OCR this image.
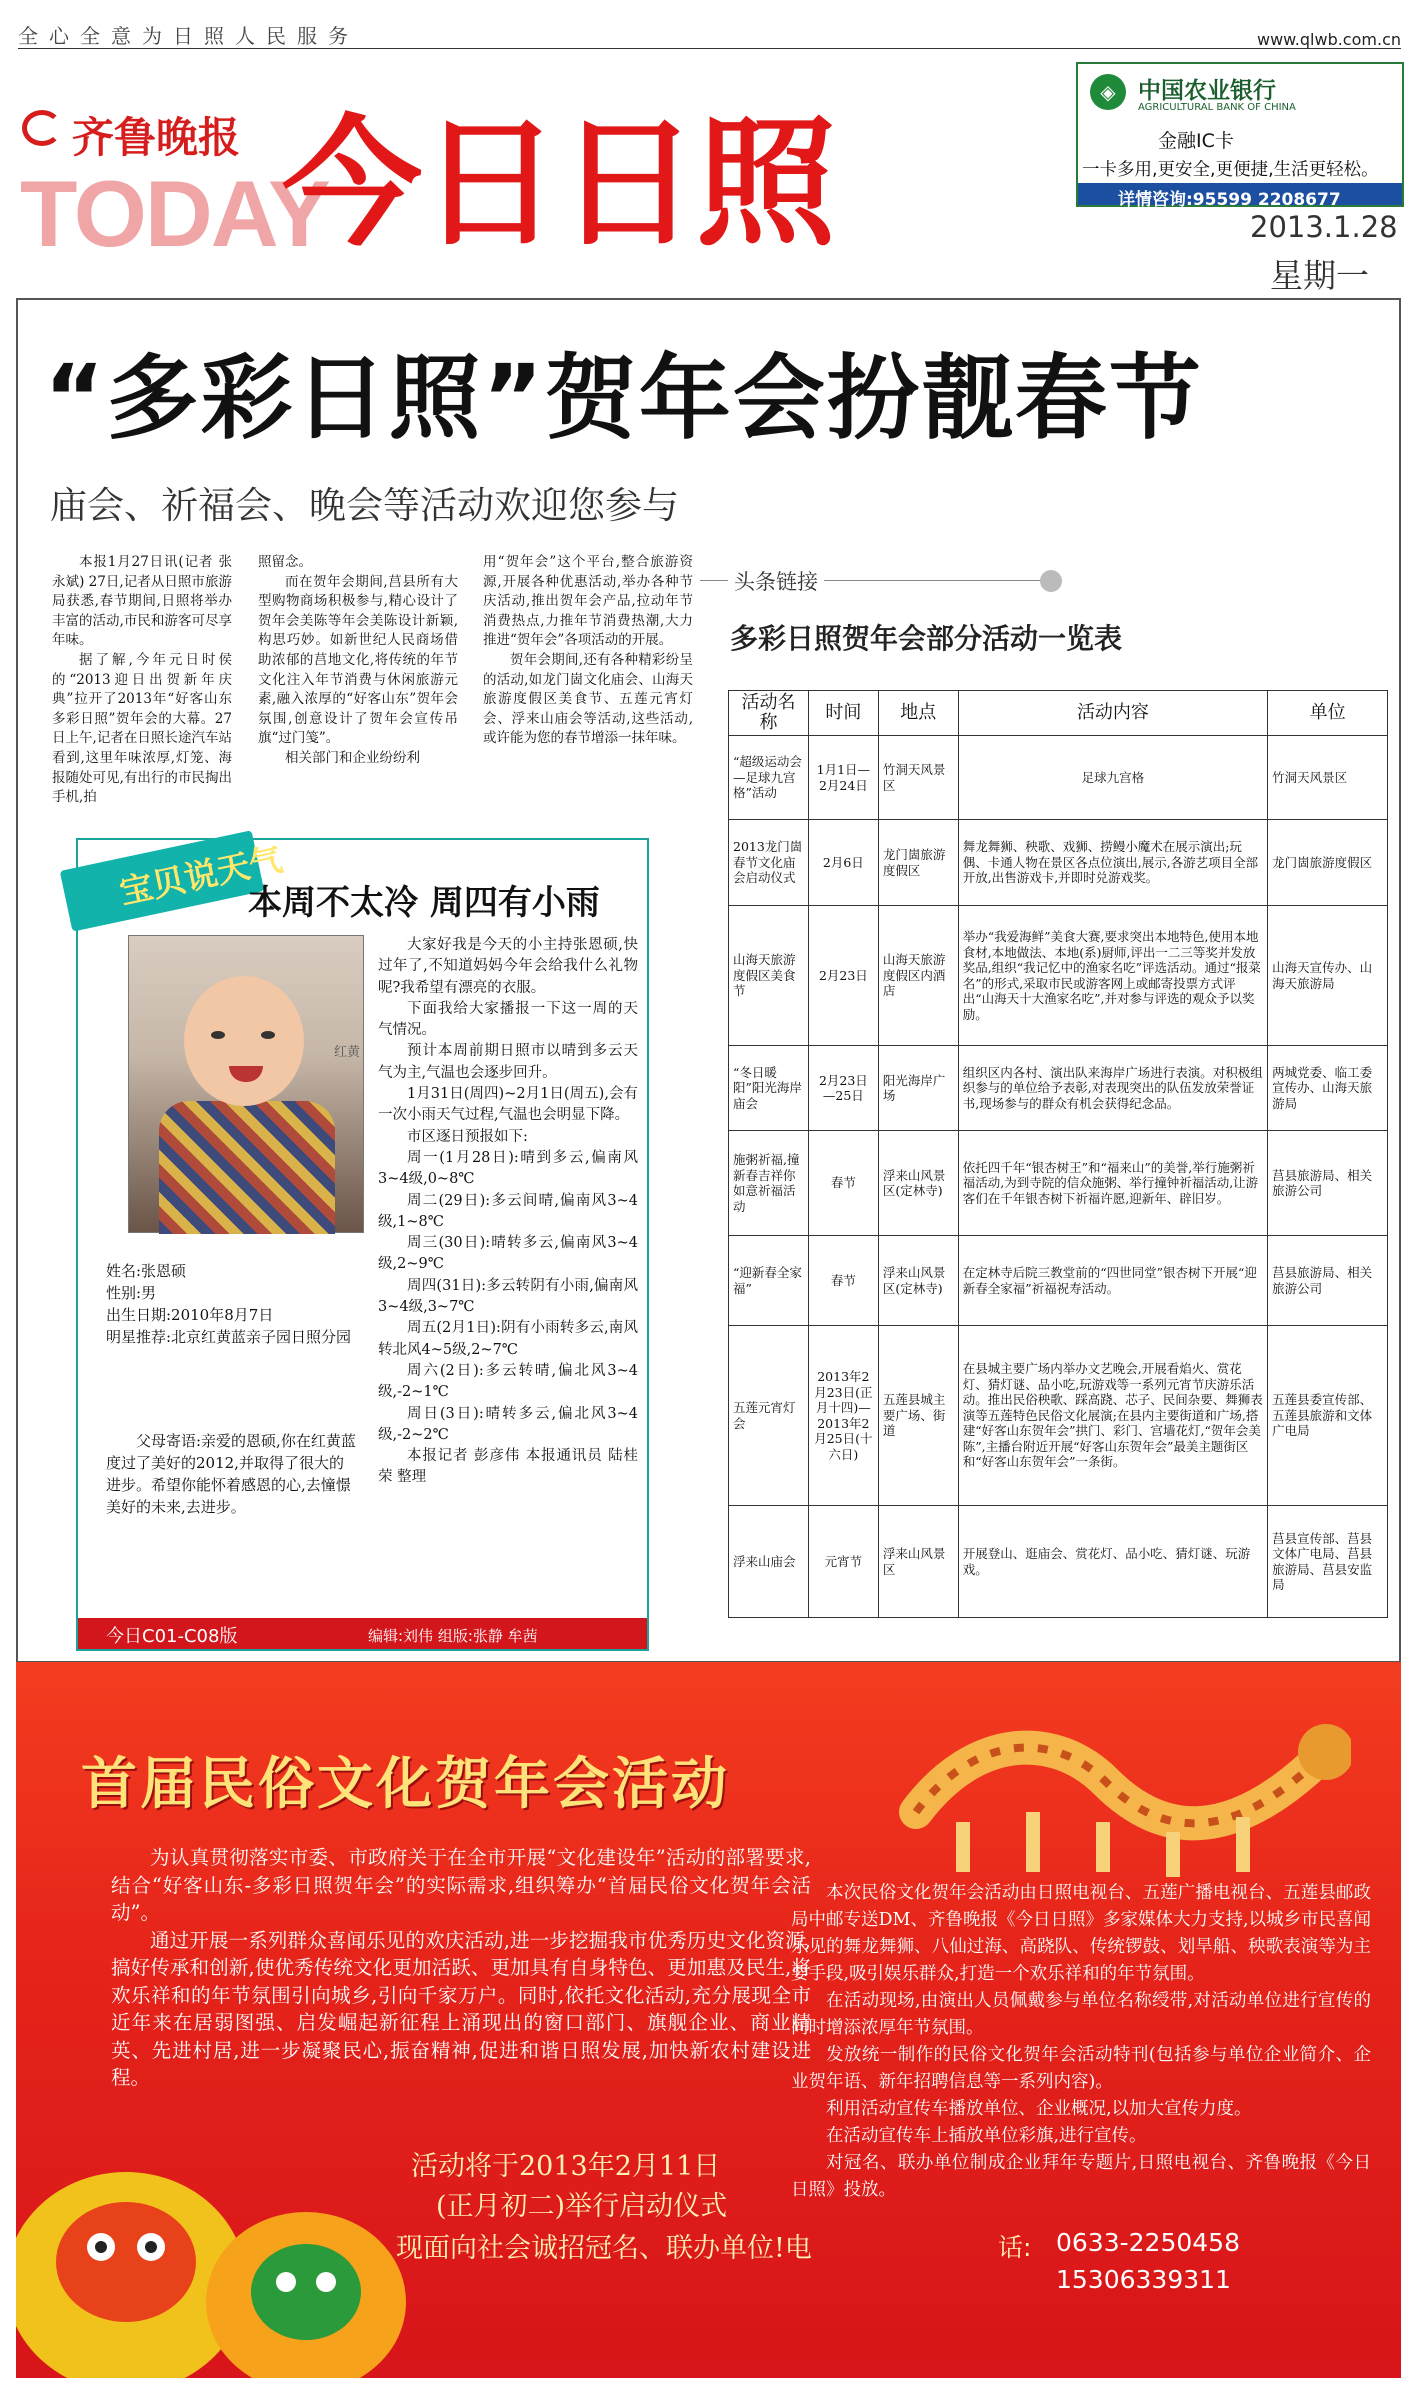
全心全意为日照人民服务	www.qlwb.com.cn
齐鲁晚报
TODAY
今日日照
◈ 中国农业银行
AGRICULTURAL BANK OF CHINA
金融IC卡
一卡多用,更安全,更便捷,生活更轻松。
详情咨询:95599 2208677
2013.1.28
星期一
“多彩日照”贺年会扮靓春节
庙会、祈福会、晚会等活动欢迎您参与

本报1月27日讯(记者 张永斌) 27日,记者从日照市旅游局获悉,春节期间,日照将举办丰富的活动,市民和游客可尽享年味。

据了解,今年元日时侯的“2013迎日出贺新年庆典”拉开了2013年“好客山东 多彩日照”贺年会的大幕。27日上午,记者在日照长途汽车站看到,这里年味浓厚,灯笼、海报随处可见,有出行的市民掏出手机,拍

照留念。

而在贺年会期间,莒县所有大型购物商场积极参与,精心设计了贺年会美陈等年会美陈设计新颖,构思巧妙。如新世纪人民商场借助浓郁的莒地文化,将传统的年节文化注入年节消费与休闲旅游元素,融入浓厚的“好客山东”贺年会氛围,创意设计了贺年会宣传吊旗“过门笺”。

相关部门和企业纷纷利

用“贺年会”这个平台,整合旅游资源,开展各种优惠活动,举办各种节庆活动,推出贺年会产品,拉动年节消费热点,力推年节消费热潮,大力推进“贺年会”各项活动的开展。

贺年会期间,还有各种精彩纷呈的活动,如龙门崮文化庙会、山海天旅游度假区美食节、五莲元宵灯会、浮来山庙会等活动,这些活动,或许能为您的春节增添一抹年味。

宝贝说天气
本周不太冷 周四有小雨
红黄
姓名:张恩硕
性别:男
出生日期:2010年8月7日
明星推荐:北京红黄蓝亲子园日照分园
父母寄语:亲爱的恩硕,你在红黄蓝度过了美好的2012,并取得了很大的进步。希望你能怀着感恩的心,去憧憬美好的未来,去进步。

大家好我是今天的小主持张恩硕,快过年了,不知道妈妈今年会给我什么礼物呢?我希望有漂亮的衣服。

下面我给大家播报一下这一周的天气情况。

预计本周前期日照市以晴到多云天气为主,气温也会逐步回升。

1月31日(周四)~2月1日(周五),会有一次小雨天气过程,气温也会明显下降。

市区逐日预报如下:

周一(1月28日):晴到多云,偏南风3~4级,0~8℃

周二(29日):多云间晴,偏南风3~4级,1~8℃

周三(30日):晴转多云,偏南风3~4级,2~9℃

周四(31日):多云转阴有小雨,偏南风3~4级,3~7℃

周五(2月1日):阴有小雨转多云,南风转北风4~5级,2~7℃

周六(2日):多云转晴,偏北风3~4级,-2~1℃

周日(3日):晴转多云,偏北风3~4级,-2~2℃

本报记者 彭彦伟 本报通讯员 陆桂荣 整理

今日C01-C08版	编辑:刘伟 组版:张静 牟茜
头条链接
多彩日照贺年会部分活动一览表
活动名称	时间	地点	活动内容	单位
“超级运动会—足球九宫格”活动	1月1日—2月24日	竹洞天风景区	足球九宫格	竹洞天风景区
2013龙门崮春节文化庙会启动仪式	2月6日	龙门崮旅游度假区	舞龙舞狮、秧歌、戏狮、捞鳗小魔术在展示演出;玩偶、卡通人物在景区各点位演出,展示,各游艺项目全部开放,出售游戏卡,并即时兑游戏奖。	龙门崮旅游度假区
山海天旅游度假区美食节	2月23日	山海天旅游度假区内酒店	举办“我爱海鲜”美食大赛,要求突出本地特色,使用本地食材,本地做法、本地(系)厨师,评出一二三等奖并发放奖品,组织“我记忆中的渔家名吃”评选活动。通过“报菜名”的形式,采取市民或游客网上或邮寄投票方式评出“山海天十大渔家名吃”,并对参与评选的观众予以奖励。	山海天宣传办、山海天旅游局
“冬日暖阳”阳光海岸庙会	2月23日—25日	阳光海岸广场	组织区内各村、演出队来海岸广场进行表演。对积极组织参与的单位给予表彰,对表现突出的队伍发放荣誉证书,现场参与的群众有机会获得纪念品。	两城党委、临工委宣传办、山海天旅游局
施粥祈福,撞新春吉祥你如意祈福活动	春节	浮来山风景区(定林寺)	依托四千年“银杏树王”和“福来山”的美誉,举行施粥祈福活动,为到寺院的信众施粥、举行撞钟祈福活动,让游客们在千年银杏树下祈福许愿,迎新年、辟旧岁。	莒县旅游局、相关旅游公司
“迎新春全家福”	春节	浮来山风景区(定林寺)	在定林寺后院三教堂前的“四世同堂”银杏树下开展“迎新春全家福”祈福祝寿活动。	莒县旅游局、相关旅游公司
五莲元宵灯会	2013年2月23日(正月十四)—2013年2月25日(十六日)	五莲县城主要广场、街道	在县城主要广场内举办文艺晚会,开展看焰火、赏花灯、猜灯谜、品小吃,玩游戏等一系列元宵节庆游乐活动。推出民俗秧歌、踩高跷、芯子、民间杂要、舞狮表演等五莲特色民俗文化展演;在县内主要街道和广场,搭建“好客山东贺年会”拱门、彩门、宫墙花灯,“贺年会美陈”,主播台附近开展“好客山东贺年会”最美主题街区和“好客山东贺年会”一条街。	五莲县委宣传部、五莲县旅游和文体广电局
浮来山庙会	元宵节	浮来山风景区	开展登山、逛庙会、赏花灯、品小吃、猜灯谜、玩游戏。	莒县宣传部、莒县文体广电局、莒县旅游局、莒县安监局
首届民俗文化贺年会活动

为认真贯彻落实市委、市政府关于在全市开展“文化建设年”活动的部署要求,结合“好客山东-多彩日照贺年会”的实际需求,组织筹办“首届民俗文化贺年会活动”。

通过开展一系列群众喜闻乐见的欢庆活动,进一步挖掘我市优秀历史文化资源,搞好传承和创新,使优秀传统文化更加活跃、更加具有自身特色、更加惠及民生,将欢乐祥和的年节氛围引向城乡,引向千家万户。同时,依托文化活动,充分展现全市近年来在居弱图强、启发崛起新征程上涌现出的窗口部门、旗舰企业、商业精英、先进村居,进一步凝聚民心,振奋精神,促进和谐日照发展,加快新农村建设进程。

本次民俗文化贺年会活动由日照电视台、五莲广播电视台、五莲县邮政局中邮专送DM、齐鲁晚报《今日日照》多家媒体大力支持,以城乡市民喜闻乐见的舞龙舞狮、八仙过海、高跷队、传统锣鼓、划旱船、秧歌表演等为主要手段,吸引娱乐群众,打造一个欢乐祥和的年节氛围。

在活动现场,由演出人员佩戴参与单位名称绶带,对活动单位进行宣传的同时增添浓厚年节氛围。

发放统一制作的民俗文化贺年会活动特刊(包括参与单位企业简介、企业贺年语、新年招聘信息等一系列内容)。

利用活动宣传车播放单位、企业概况,以加大宣传力度。

在活动宣传车上插放单位彩旗,进行宣传。

对冠名、联办单位制成企业拜年专题片,日照电视台、齐鲁晚报《今日日照》投放。

活动将于2013年2月11日
(正月初二)举行启动仪式
现面向社会诚招冠名、联办单位!电	话: 0633-2250458
15306339311
